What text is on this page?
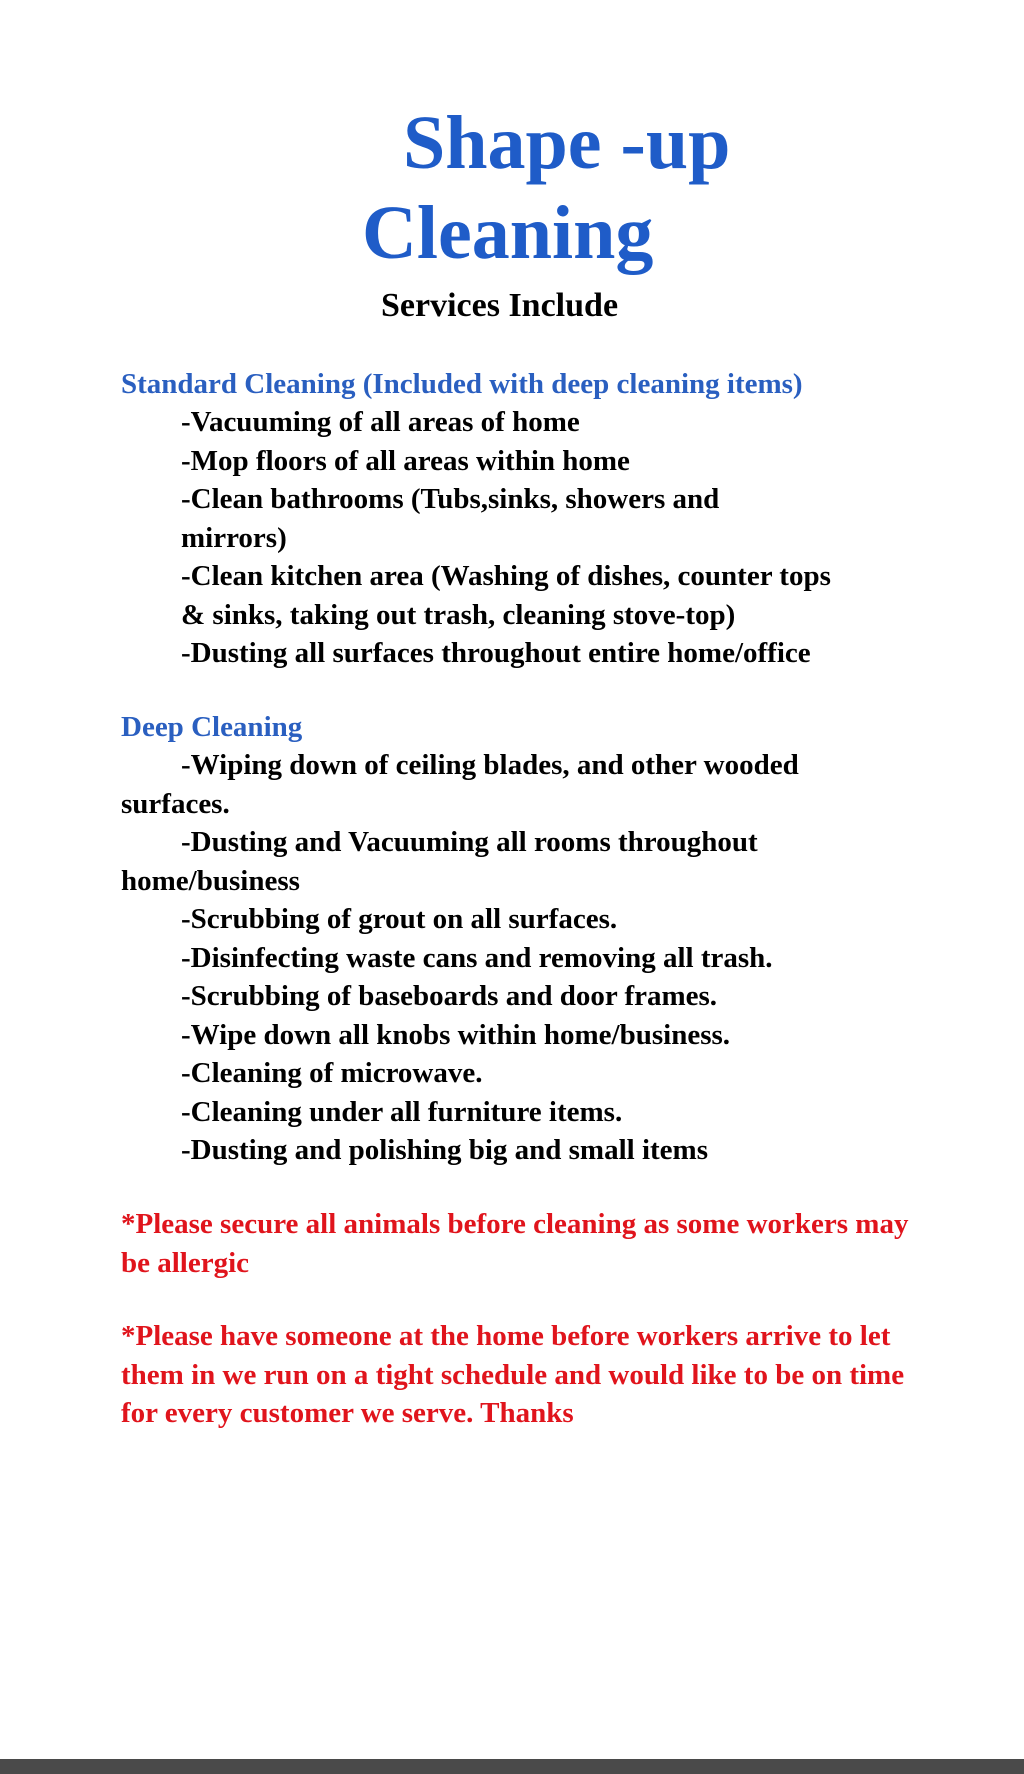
Shape -up
Cleaning
Services Include
Standard Cleaning (Included with deep cleaning items)
-Vacuuming of all areas of home
-Mop floors of all areas within home
-Clean bathrooms (Tubs,sinks, showers and mirrors)
-Clean kitchen area (Washing of dishes, counter tops & sinks, taking out trash, cleaning stove-top)
-Dusting all surfaces throughout entire home/office
Deep Cleaning
-Wiping down of ceiling blades, and other wooded surfaces.
-Dusting and Vacuuming all rooms throughout home/business
-Scrubbing of grout on all surfaces.
-Disinfecting waste cans and removing all trash.
-Scrubbing of baseboards and door frames.
-Wipe down all knobs within home/business.
-Cleaning of microwave.
-Cleaning under all furniture items.
-Dusting and polishing big and small items

*Please secure all animals before cleaning as some workers may be allergic

*Please have someone at the home before workers arrive to let them in we run on a tight schedule and would like to be on time for every customer we serve. Thanks
